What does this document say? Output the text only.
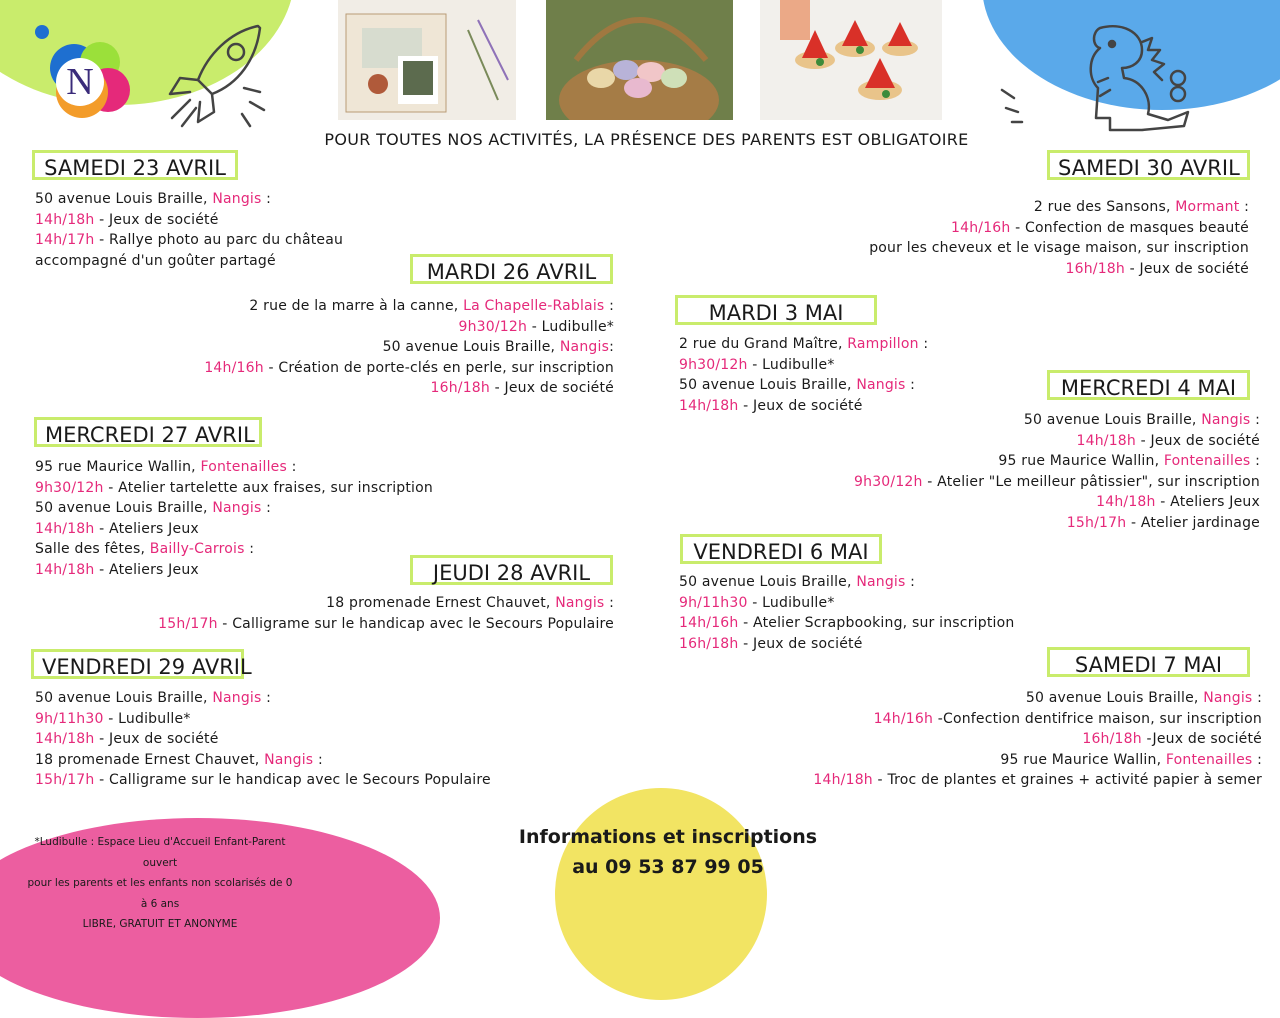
N
POUR TOUTES NOS ACTIVITÉS, LA PRÉSENCE DES PARENTS EST OBLIGATOIRE
SAMEDI 23 AVRIL
50 avenue Louis Braille, Nangis :
14h/18h - Jeux de société
14h/17h - Rallye photo au parc du château
accompagné d'un goûter partagé	MARDI 26 AVRIL
2 rue de la marre à la canne, La Chapelle-Rablais :
9h30/12h - Ludibulle*
50 avenue Louis Braille, Nangis:
14h/16h - Création de porte-clés en perle, sur inscription
16h/18h - Jeux de société
MERCREDI 27 AVRIL
95 rue Maurice Wallin, Fontenailles :
9h30/12h - Atelier tartelette aux fraises, sur inscription
50 avenue Louis Braille, Nangis :
14h/18h - Ateliers Jeux
Salle des fêtes, Bailly-Carrois :
14h/18h - Ateliers Jeux	JEUDI 28 AVRIL
18 promenade Ernest Chauvet, Nangis :
15h/17h - Calligrame sur le handicap avec le Secours Populaire
VENDREDI 29 AVRIL
50 avenue Louis Braille, Nangis :
9h/11h30 - Ludibulle*
14h/18h - Jeux de société
18 promenade Ernest Chauvet, Nangis :
15h/17h - Calligrame sur le handicap avec le Secours Populaire
SAMEDI 30 AVRIL
2 rue des Sansons, Mormant :
14h/16h - Confection de masques beauté
pour les cheveux et le visage maison, sur inscription
16h/18h - Jeux de société
MARDI 3 MAI
2 rue du Grand Maître, Rampillon :
9h30/12h - Ludibulle*
50 avenue Louis Braille, Nangis :
14h/18h - Jeux de société
MERCREDI 4 MAI
50 avenue Louis Braille, Nangis :
14h/18h - Jeux de société
95 rue Maurice Wallin, Fontenailles :
9h30/12h - Atelier "Le meilleur pâtissier", sur inscription
14h/18h - Ateliers Jeux
15h/17h - Atelier jardinage
VENDREDI 6 MAI
50 avenue Louis Braille, Nangis :
9h/11h30 - Ludibulle*
14h/16h - Atelier Scrapbooking, sur inscription
16h/18h - Jeux de société
SAMEDI 7 MAI
50 avenue Louis Braille, Nangis :
14h/16h -Confection dentifrice maison, sur inscription
16h/18h -Jeux de société
95 rue Maurice Wallin, Fontenailles :
14h/18h - Troc de plantes et graines + activité papier à semer
*Ludibulle : Espace Lieu d'Accueil Enfant-Parent ouvert
pour les parents et les enfants non scolarisés de 0 à 6 ans
LIBRE, GRATUIT ET ANONYME
Informations et inscriptions
au 09 53 87 99 05
